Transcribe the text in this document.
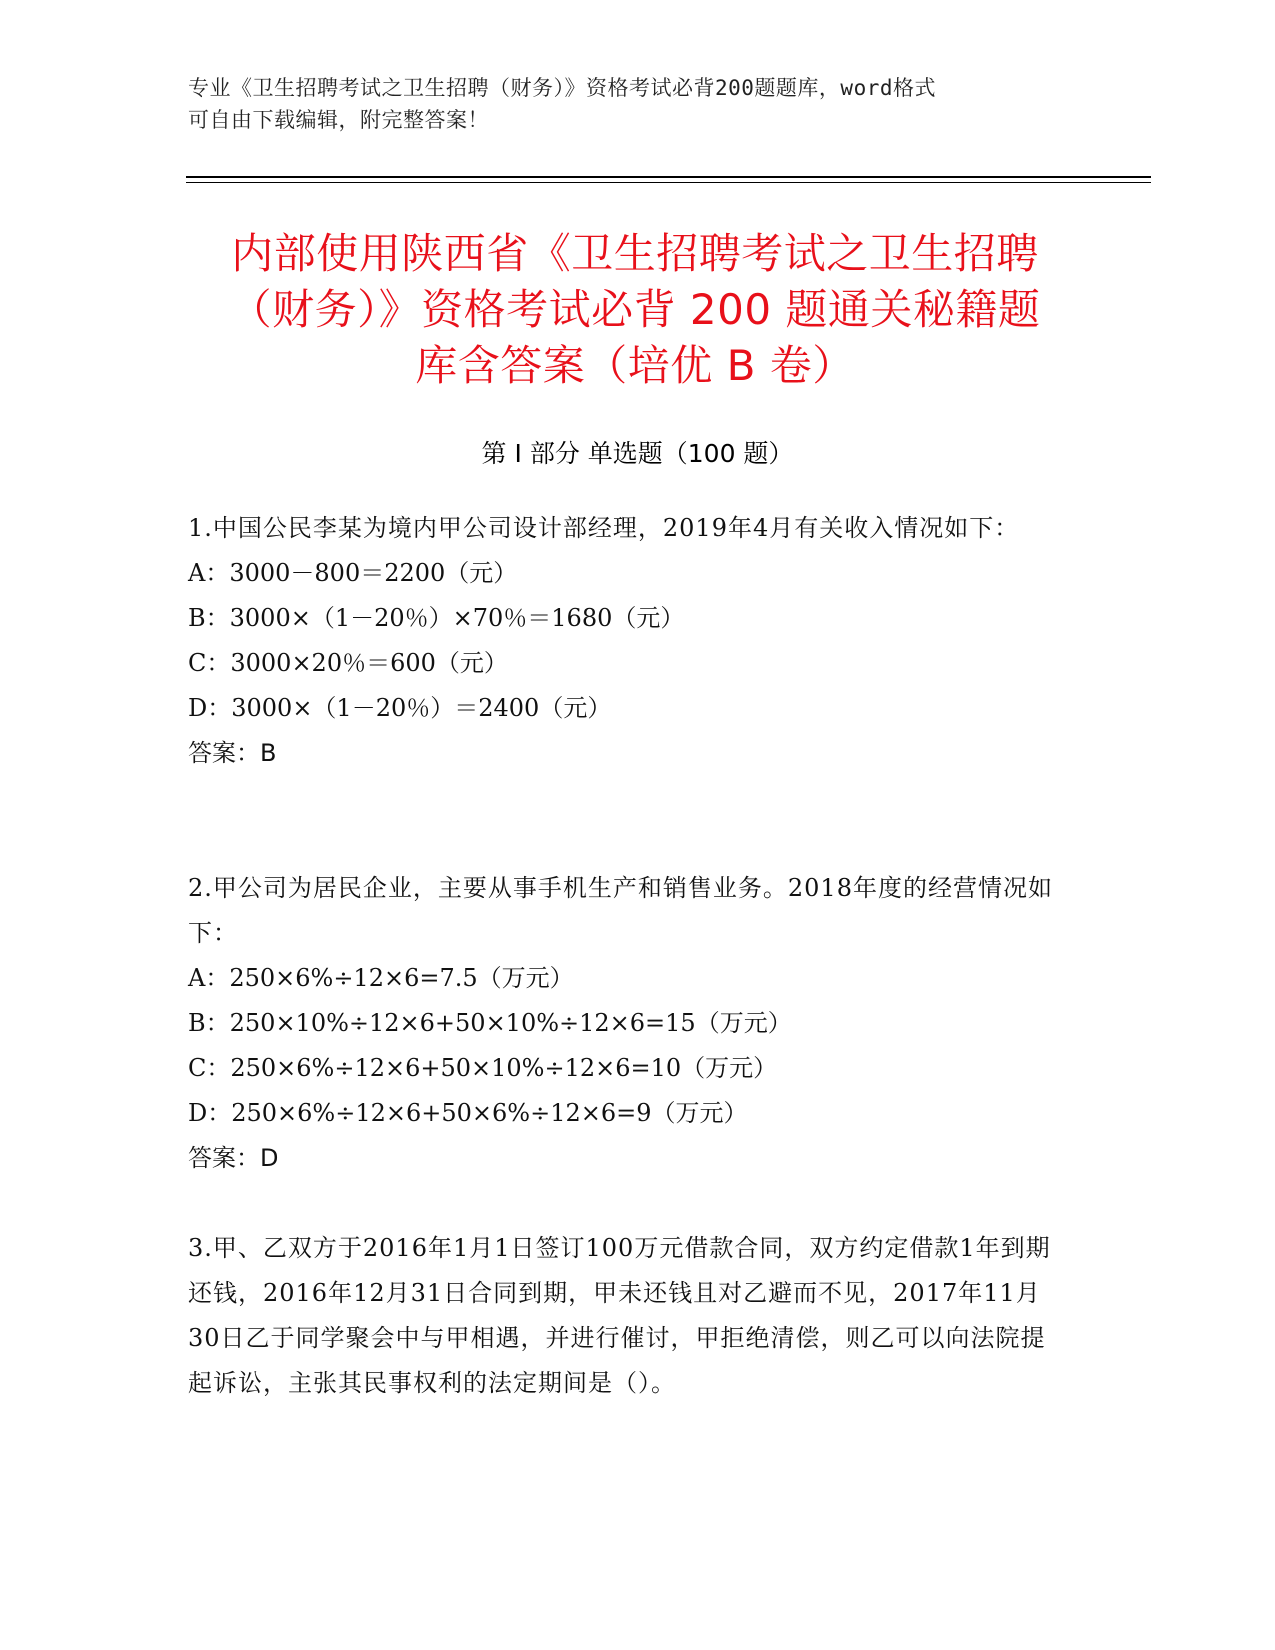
专业《卫生招聘考试之卫生招聘（财务）》资格考试必背200题题库，word格式
可自由下载编辑，附完整答案！
内部使用陕西省《卫生招聘考试之卫生招聘
（财务）》资格考试必背 200 题通关秘籍题
库含答案（培优 B 卷）
第 I 部分 单选题（100 题）
1.中国公民李某为境内甲公司设计部经理，2019年4月有关收入情况如下：
A：3000－800＝2200（元）
B：3000×（1－20％）×70％＝1680（元）
C：3000×20％＝600（元）
D：3000×（1－20％）＝2400（元）
答案：B
2.甲公司为居民企业，主要从事手机生产和销售业务。2018年度的经营情况如下：
A：250×6%÷12×6=7.5（万元）
B：250×10%÷12×6+50×10%÷12×6=15（万元）
C：250×6%÷12×6+50×10%÷12×6=10（万元）
D：250×6%÷12×6+50×6%÷12×6=9（万元）
答案：D
3.甲、乙双方于2016年1月1日签订100万元借款合同，双方约定借款1年到期还钱，2016年12月31日合同到期，甲未还钱且对乙避而不见，2017年11月30日乙于同学聚会中与甲相遇，并进行催讨，甲拒绝清偿，则乙可以向法院提起诉讼，主张其民事权利的法定期间是（）。
